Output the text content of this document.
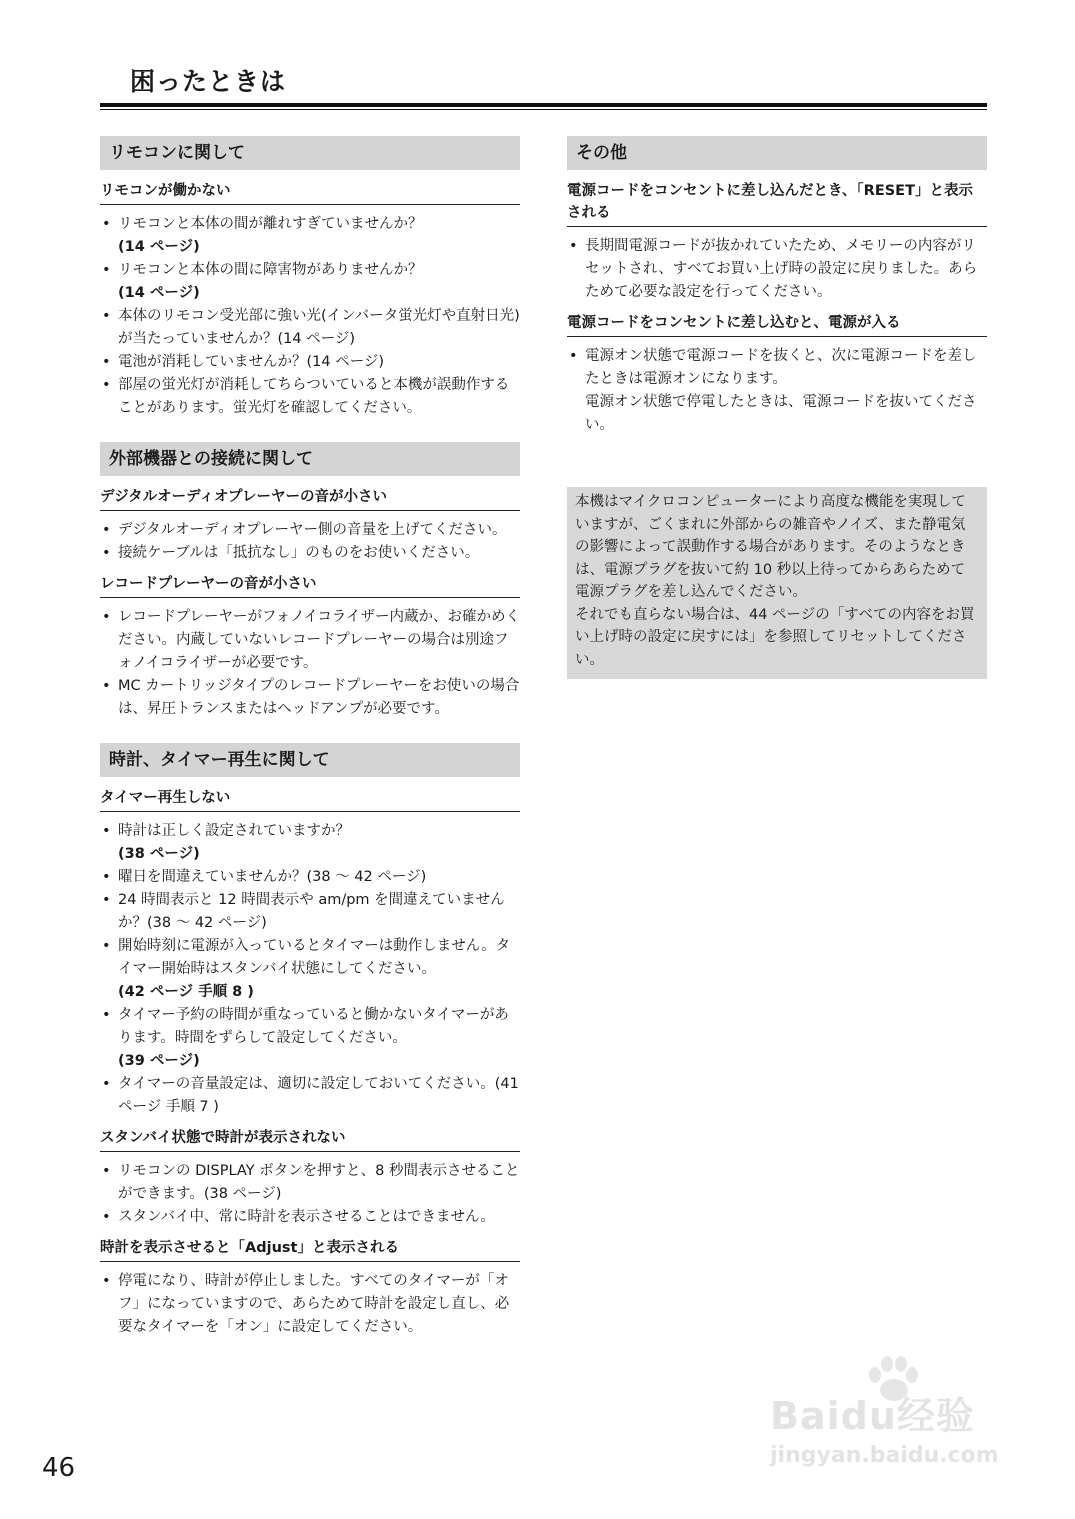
困ったときは
リモコンに関して
リモコンが働かない
• リモコンと本体の間が離れすぎていませんか？
(14 ページ)
• リモコンと本体の間に障害物がありませんか？
(14 ページ)
• 本体のリモコン受光部に強い光(インバータ蛍光灯や直射日光)が当たっていませんか？(14 ページ)
• 電池が消耗していませんか？(14 ページ)
• 部屋の蛍光灯が消耗してちらついていると本機が誤動作することがあります。蛍光灯を確認してください。
外部機器との接続に関して
デジタルオーディオプレーヤーの音が小さい
• デジタルオーディオプレーヤー側の音量を上げてください。
• 接続ケーブルは「抵抗なし」のものをお使いください。
レコードプレーヤーの音が小さい
• レコードプレーヤーがフォノイコライザー内蔵か、お確かめください。内蔵していないレコードプレーヤーの場合は別途フォノイコライザーが必要です。
• MC カートリッジタイプのレコードプレーヤーをお使いの場合は、昇圧トランスまたはヘッドアンプが必要です。
時計、タイマー再生に関して
タイマー再生しない
• 時計は正しく設定されていますか？
(38 ページ)
• 曜日を間違えていませんか？(38 ～ 42 ページ)
• 24 時間表示と 12 時間表示や am/pm を間違えていませんか？(38 ～ 42 ページ)
• 開始時刻に電源が入っているとタイマーは動作しません。タイマー開始時はスタンバイ状態にしてください。
(42 ページ 手順 8 )
• タイマー予約の時間が重なっていると働かないタイマーがあります。時間をずらして設定してください。
(39 ページ)
• タイマーの音量設定は、適切に設定しておいてください。(41 ページ 手順 7 )
スタンバイ状態で時計が表示されない
• リモコンの DISPLAY ボタンを押すと、8 秒間表示させることができます。(38 ページ)
• スタンバイ中、常に時計を表示させることはできません。
時計を表示させると「Adjust」と表示される
• 停電になり、時計が停止しました。すべてのタイマーが「オフ」になっていますので、あらためて時計を設定し直し、必要なタイマーを「オン」に設定してください。
その他
電源コードをコンセントに差し込んだとき、「RESET」と表示される
• 長期間電源コードが抜かれていたため、メモリーの内容がリセットされ、すべてお買い上げ時の設定に戻りました。あらためて必要な設定を行ってください。
電源コードをコンセントに差し込むと、電源が入る
• 電源オン状態で電源コードを抜くと、次に電源コードを差したときは電源オンになります。
電源オン状態で停電したときは、電源コードを抜いてください。

本機はマイクロコンピューターにより高度な機能を実現していますが、ごくまれに外部からの雑音やノイズ、また静電気の影響によって誤動作する場合があります。そのようなときは、電源プラグを抜いて約 10 秒以上待ってからあらためて電源プラグを差し込んでください。

それでも直らない場合は、44 ページの「すべての内容をお買い上げ時の設定に戻すには」を参照してリセットしてください。

46
Baidu经验
jingyan.baidu.com
